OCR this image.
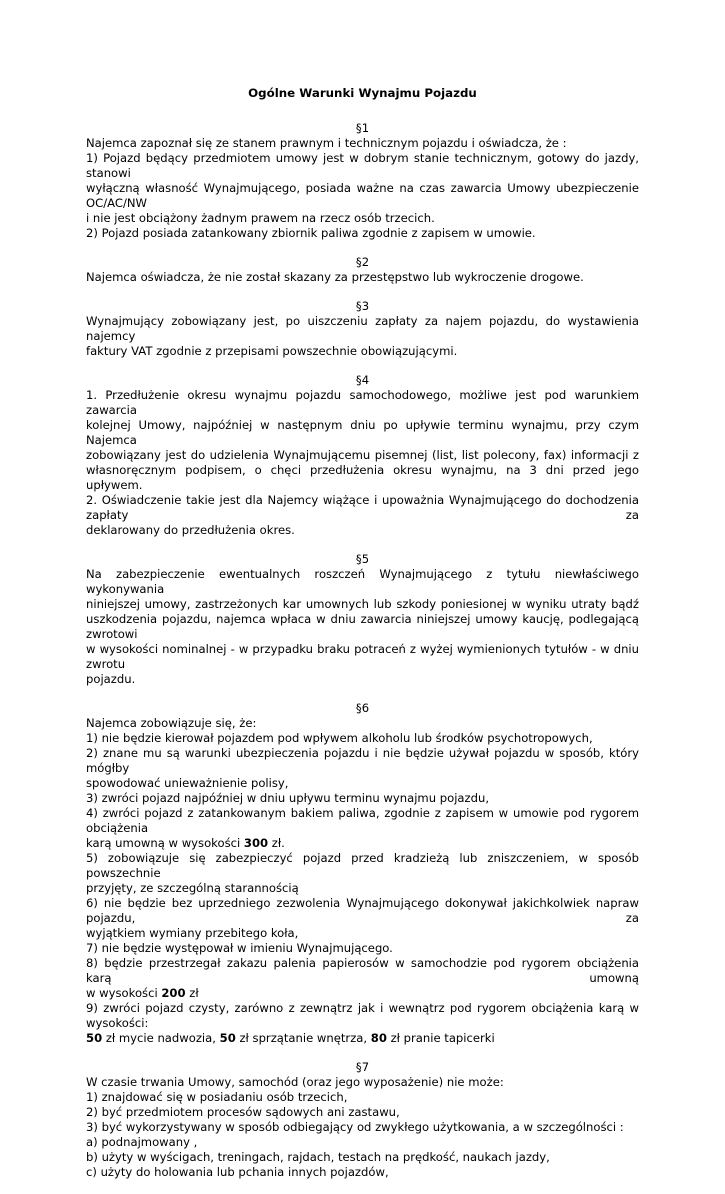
Ogólne Warunki Wynajmu Pojazdu
§1
Najemca zapoznał się ze stanem prawnym i technicznym pojazdu i oświadcza, że :
1) Pojazd będący przedmiotem umowy jest w dobrym stanie technicznym, gotowy do jazdy, stanowi
wyłączną własność Wynajmującego, posiada ważne na czas zawarcia Umowy ubezpieczenie OC/AC/NW
i nie jest obciążony żadnym prawem na rzecz osób trzecich.
2) Pojazd posiada zatankowany zbiornik paliwa zgodnie z zapisem w umowie.
§2
Najemca oświadcza, że nie został skazany za przestępstwo lub wykroczenie drogowe.
§3
Wynajmujący zobowiązany jest, po uiszczeniu zapłaty za najem pojazdu, do wystawienia najemcy
faktury VAT zgodnie z przepisami powszechnie obowiązującymi.
§4
1. Przedłużenie okresu wynajmu pojazdu samochodowego, możliwe jest pod warunkiem zawarcia
kolejnej Umowy, najpóźniej w następnym dniu po upływie terminu wynajmu, przy czym Najemca
zobowiązany jest do udzielenia Wynajmującemu pisemnej (list, list polecony, fax) informacji z
własnoręcznym podpisem, o chęci przedłużenia okresu wynajmu, na 3 dni przed jego upływem.
2. Oświadczenie takie jest dla Najemcy wiążące i upoważnia Wynajmującego do dochodzenia zapłaty za
deklarowany do przedłużenia okres.
§5
Na zabezpieczenie ewentualnych roszczeń Wynajmującego z tytułu niewłaściwego wykonywania
niniejszej umowy, zastrzeżonych kar umownych lub szkody poniesionej w wyniku utraty bądź
uszkodzenia pojazdu, najemca wpłaca w dniu zawarcia niniejszej umowy kaucję, podlegającą zwrotowi
w wysokości nominalnej - w przypadku braku potraceń z wyżej wymienionych tytułów - w dniu zwrotu
pojazdu.
§6
Najemca zobowiązuje się, że:
1) nie będzie kierował pojazdem pod wpływem alkoholu lub środków psychotropowych,
2) znane mu są warunki ubezpieczenia pojazdu i nie będzie używał pojazdu w sposób, który mógłby
spowodować unieważnienie polisy,
3) zwróci pojazd najpóźniej w dniu upływu terminu wynajmu pojazdu,
4) zwróci pojazd z zatankowanym bakiem paliwa, zgodnie z zapisem w umowie pod rygorem obciążenia
karą umowną w wysokości 300 zł.
5) zobowiązuje się zabezpieczyć pojazd przed kradzieżą lub zniszczeniem, w sposób powszechnie
przyjęty, ze szczególną starannością
6) nie będzie bez uprzedniego zezwolenia Wynajmującego dokonywał jakichkolwiek napraw pojazdu, za
wyjątkiem wymiany przebitego koła,
7) nie będzie występował w imieniu Wynajmującego.
8) będzie przestrzegał zakazu palenia papierosów w samochodzie pod rygorem obciążenia karą umowną
w wysokości 200 zł
9) zwróci pojazd czysty, zarówno z zewnątrz jak i wewnątrz pod rygorem obciążenia karą w wysokości:
50 zł mycie nadwozia, 50 zł sprzątanie wnętrza, 80 zł pranie tapicerki
§7
W czasie trwania Umowy, samochód (oraz jego wyposażenie) nie może:
1) znajdować się w posiadaniu osób trzecich,
2) być przedmiotem procesów sądowych ani zastawu,
3) być wykorzystywany w sposób odbiegający od zwykłego użytkowania, a w szczególności :
a) podnajmowany ,
b) użyty w wyścigach, treningach, rajdach, testach na prędkość, naukach jazdy,
c) użyty do holowania lub pchania innych pojazdów,
